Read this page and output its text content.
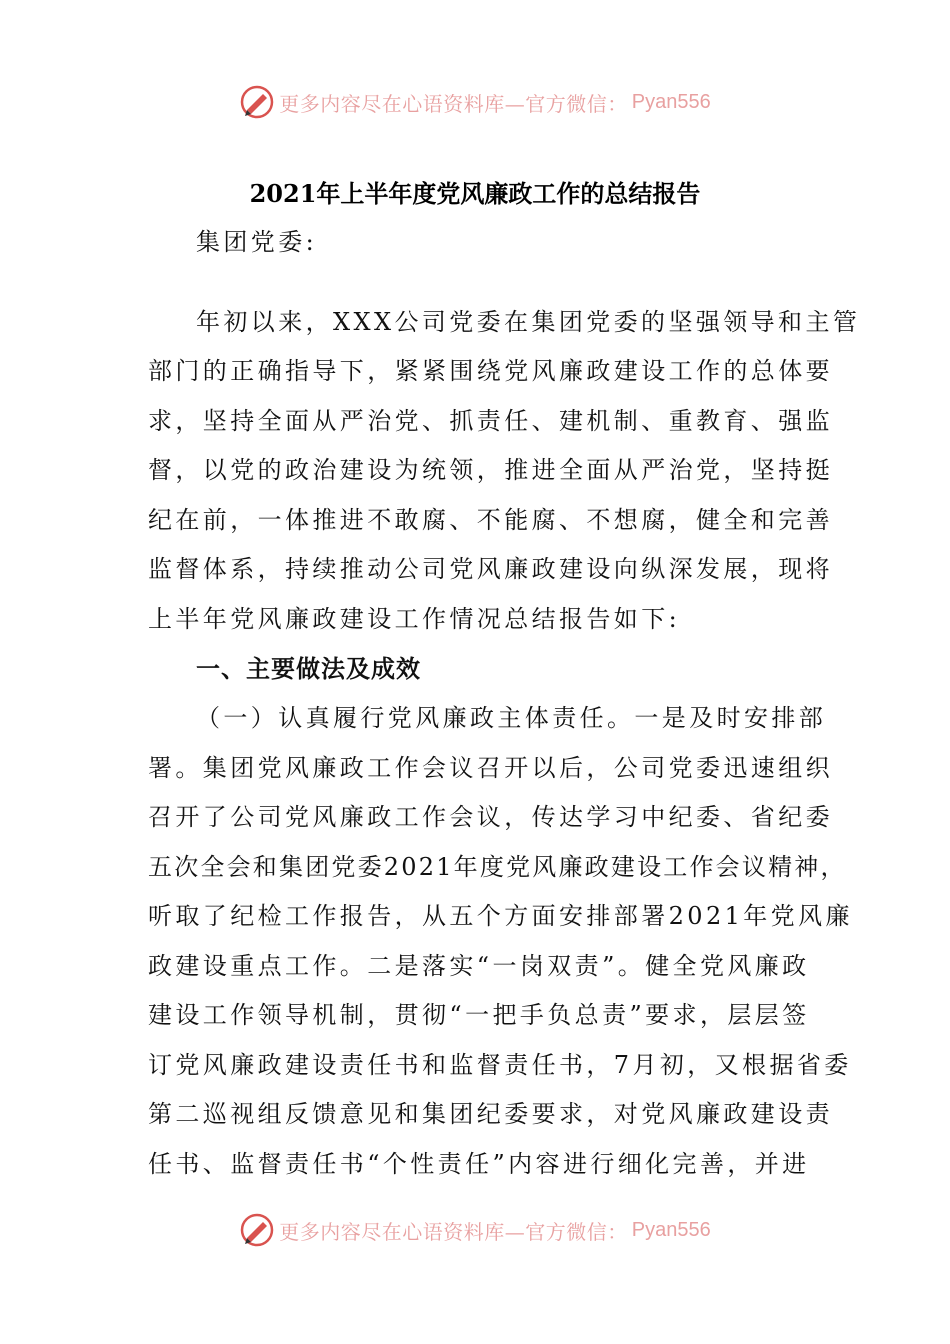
更多内容尽在心语资料库—官方微信： Pyan556
2021年上半年度党风廉政工作的总结报告
集团党委:
年初以来，XXX公司党委在集团党委的坚强领导和主管
部门的正确指导下，紧紧围绕党风廉政建设工作的总体要
求，坚持全面从严治党、抓责任、建机制、重教育、强监
督，以党的政治建设为统领，推进全面从严治党，坚持挺
纪在前，一体推进不敢腐、不能腐、不想腐，健全和完善
监督体系，持续推动公司党风廉政建设向纵深发展，现将
上半年党风廉政建设工作情况总结报告如下:
一、主要做法及成效
（一）认真履行党风廉政主体责任。一是及时安排部
署。集团党风廉政工作会议召开以后，公司党委迅速组织
召开了公司党风廉政工作会议，传达学习中纪委、省纪委
五次全会和集团党委2021年度党风廉政建设工作会议精神，
听取了纪检工作报告，从五个方面安排部署2021年党风廉
政建设重点工作。二是落实“一岗双责”。健全党风廉政
建设工作领导机制，贯彻“一把手负总责”要求，层层签
订党风廉政建设责任书和监督责任书，7月初，又根据省委
第二巡视组反馈意见和集团纪委要求，对党风廉政建设责
任书、监督责任书“个性责任”内容进行细化完善，并进
更多内容尽在心语资料库—官方微信： Pyan556
